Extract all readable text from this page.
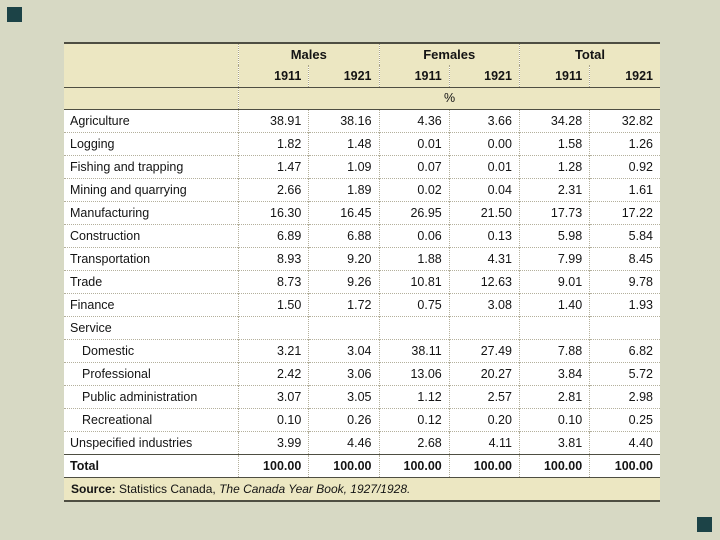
	Males		Females		Total	
	1911	1921	1911	1921	1911	1921
	%					
Agriculture	38.91	38.16	4.36	3.66	34.28	32.82
Logging	1.82	1.48	0.01	0.00	1.58	1.26
Fishing and trapping	1.47	1.09	0.07	0.01	1.28	0.92
Mining and quarrying	2.66	1.89	0.02	0.04	2.31	1.61
Manufacturing	16.30	16.45	26.95	21.50	17.73	17.22
Construction	6.89	6.88	0.06	0.13	5.98	5.84
Transportation	8.93	9.20	1.88	4.31	7.99	8.45
Trade	8.73	9.26	10.81	12.63	9.01	9.78
Finance	1.50	1.72	0.75	3.08	1.40	1.93
Service						
Domestic	3.21	3.04	38.11	27.49	7.88	6.82
Professional	2.42	3.06	13.06	20.27	3.84	5.72
Public administration	3.07	3.05	1.12	2.57	2.81	2.98
Recreational	0.10	0.26	0.12	0.20	0.10	0.25
Unspecified industries	3.99	4.46	2.68	4.11	3.81	4.40
Total	100.00	100.00	100.00	100.00	100.00	100.00
Source: Statistics Canada, The Canada Year Book, 1927/1928.						
